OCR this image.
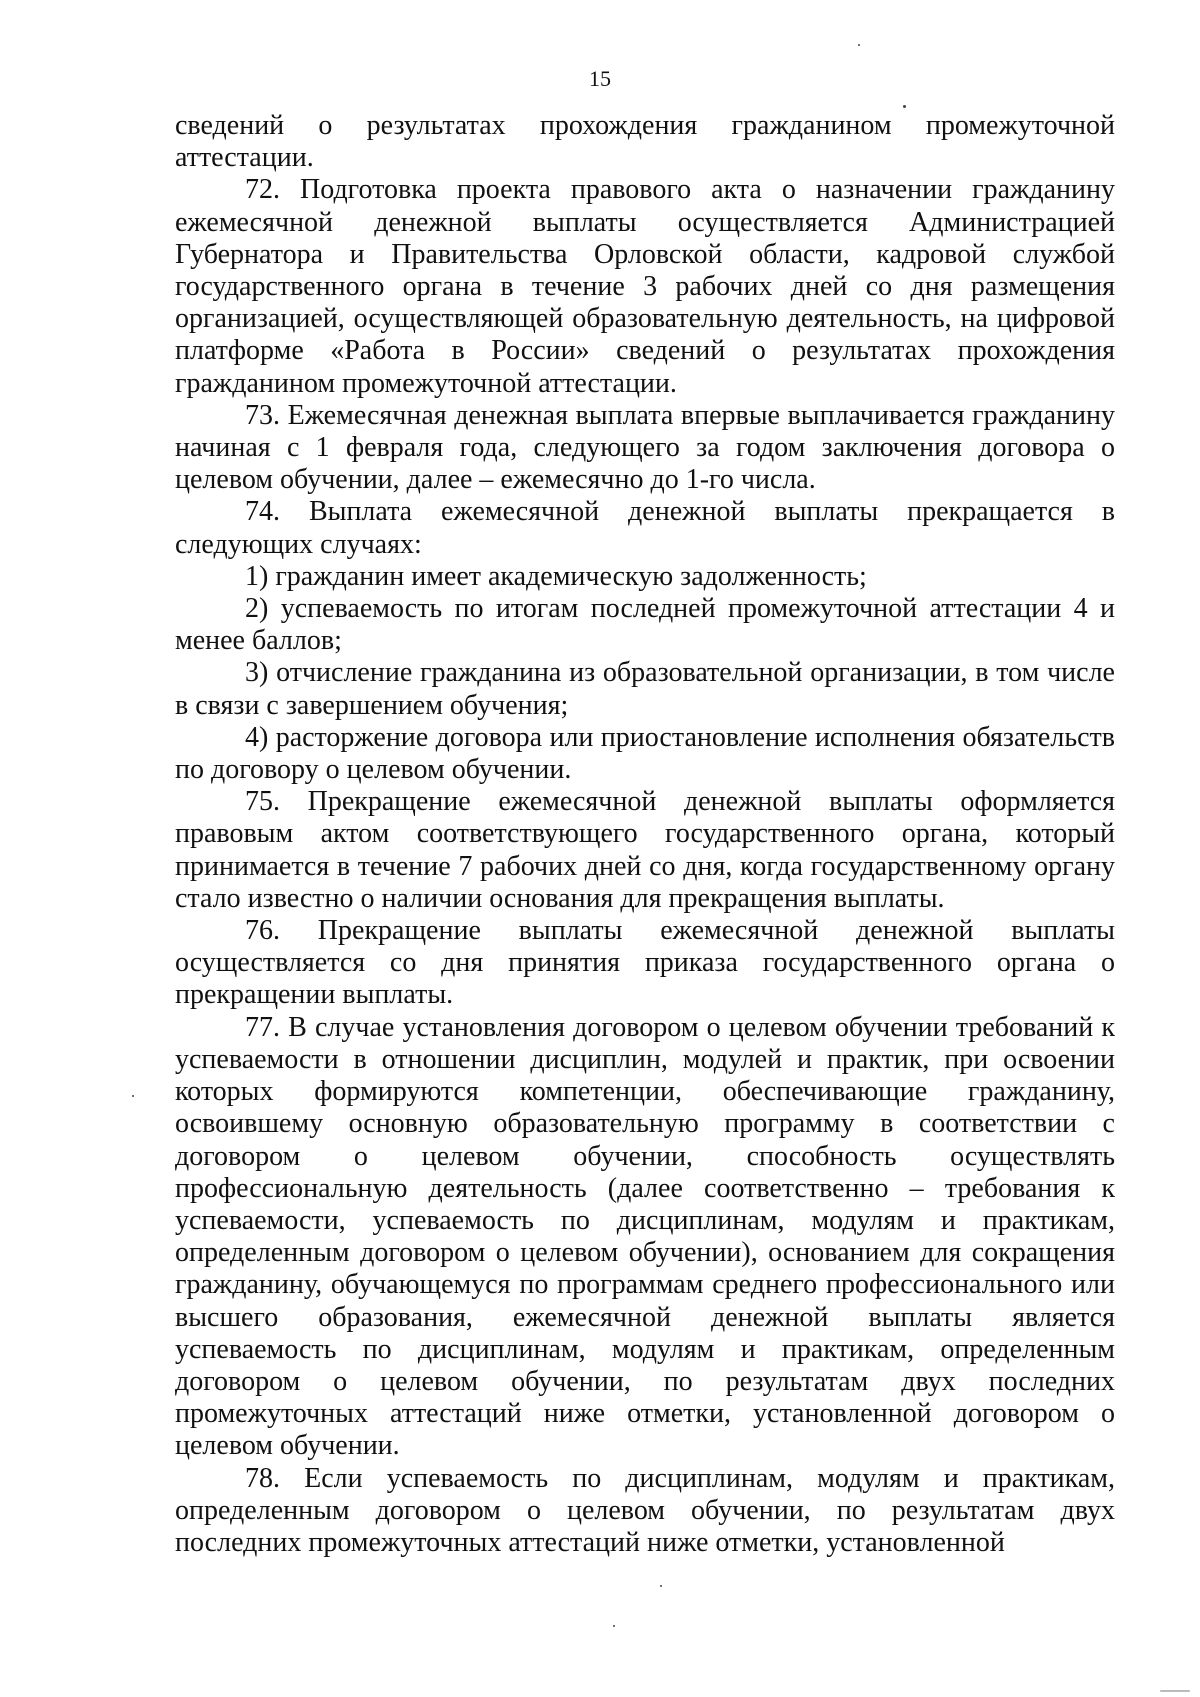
15

сведений о результатах прохождения гражданином промежуточной аттестации.

72. Подготовка проекта правового акта о назначении гражданину ежемесячной денежной выплаты осуществляется Администрацией Губернатора и Правительства Орловской области, кадровой службой государственного органа в течение 3 рабочих дней со дня размещения организацией, осуществляющей образовательную деятельность, на цифровой платформе «Работа в России» сведений о результатах прохождения гражданином промежуточной аттестации.

73. Ежемесячная денежная выплата впервые выплачивается гражданину начиная с 1 февраля года, следующего за годом заключения договора о целевом обучении, далее – ежемесячно до 1-го числа.

74. Выплата ежемесячной денежной выплаты прекращается в следующих случаях:

1) гражданин имеет академическую задолженность;

2) успеваемость по итогам последней промежуточной аттестации 4 и менее баллов;

3) отчисление гражданина из образовательной организации, в том числе в связи с завершением обучения;

4) расторжение договора или приостановление исполнения обязательств по договору о целевом обучении.

75. Прекращение ежемесячной денежной выплаты оформляется правовым актом соответствующего государственного органа, который принимается в течение 7 рабочих дней со дня, когда государственному органу стало известно о наличии основания для прекращения выплаты.

76. Прекращение выплаты ежемесячной денежной выплаты осуществляется со дня принятия приказа государственного органа о прекращении выплаты.

77. В случае установления договором о целевом обучении требований к успеваемости в отношении дисциплин, модулей и практик, при освоении которых формируются компетенции, обеспечивающие гражданину, освоившему основную образовательную программу в соответствии с договором о целевом обучении, способность осуществлять профессиональную деятельность (далее соответственно – требования к успеваемости, успеваемость по дисциплинам, модулям и практикам, определенным договором о целевом обучении), основанием для сокращения гражданину, обучающемуся по программам среднего профессионального или высшего образования, ежемесячной денежной выплаты является успеваемость по дисциплинам, модулям и практикам, определенным договором о целевом обучении, по результатам двух последних промежуточных аттестаций ниже отметки, установленной договором о целевом обучении.

78. Если успеваемость по дисциплинам, модулям и практикам, определенным договором о целевом обучении, по результатам двух последних промежуточных аттестаций ниже отметки, установленной
